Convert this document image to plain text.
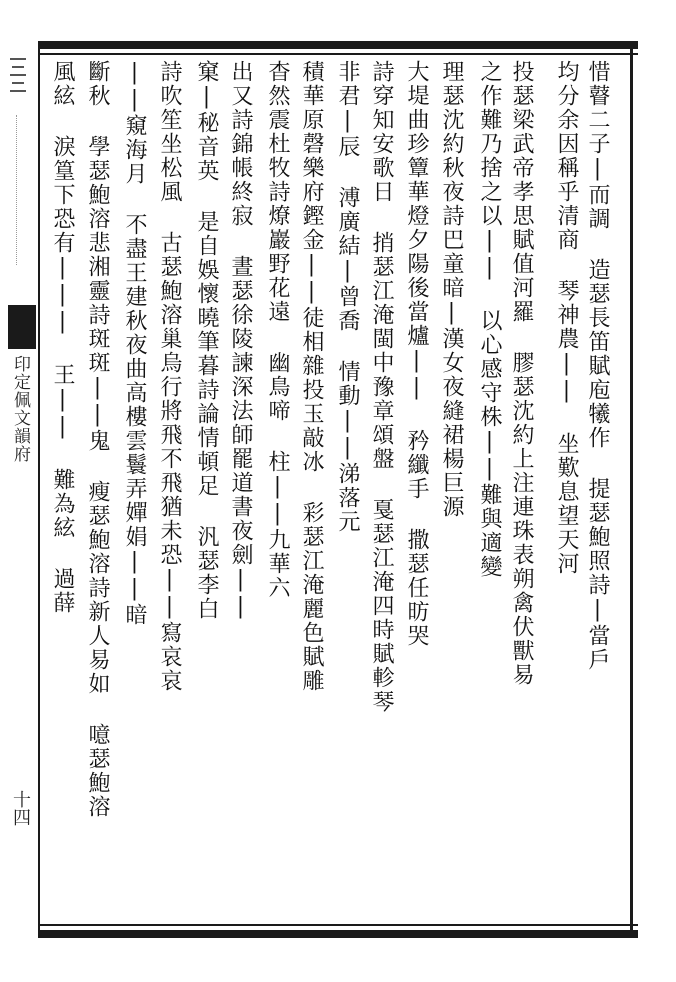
印定佩文韻府
十四
惜瞽二子|而調 造瑟長笛賦庖犧作 提瑟鮑照詩|當戶
均分余因稱乎清商 琴神農|| 坐歎息望天河
投瑟梁武帝孝思賦值河羅 膠瑟沈約上注連珠表朔禽伏獸易
之作難乃捨之以|| 以心感守株||難與適變
理瑟沈約秋夜詩巴童暗|漢女夜縫裙楊巨源
大堤曲珍簟華燈夕陽後當爐|| 矜纖手 撒瑟任昉哭
詩穿知安歌日 捎瑟江淹閩中豫章頌盤 戛瑟江淹四時賦軫琴
非君|辰 溥廣結|曾喬 情動||涕落元
積華原磬樂府鏗金||徒相雜投玉敲冰 彩瑟江淹麗色賦雕
杳然震杜牧詩燎巖野花遠 幽鳥啼 柱||九華六
出又詩錦帳終寂 晝瑟徐陵諫深法師罷道書夜劍||
窠|秘音英 是自娛懷曉筆暮詩論情頓足 汎瑟李白
詩吹笙坐松風 古瑟鮑溶巢烏行將飛不飛猶未恐||寫哀哀
||窺海月 不盡王建秋夜曲高樓雲鬟弄嬋娟||暗
斷秋 學瑟鮑溶悲湘靈詩斑斑||鬼 瘦瑟鮑溶詩新人易如 噫瑟鮑溶
風絃 淚篁下恐有||| 王|| 難為絃 過薛
